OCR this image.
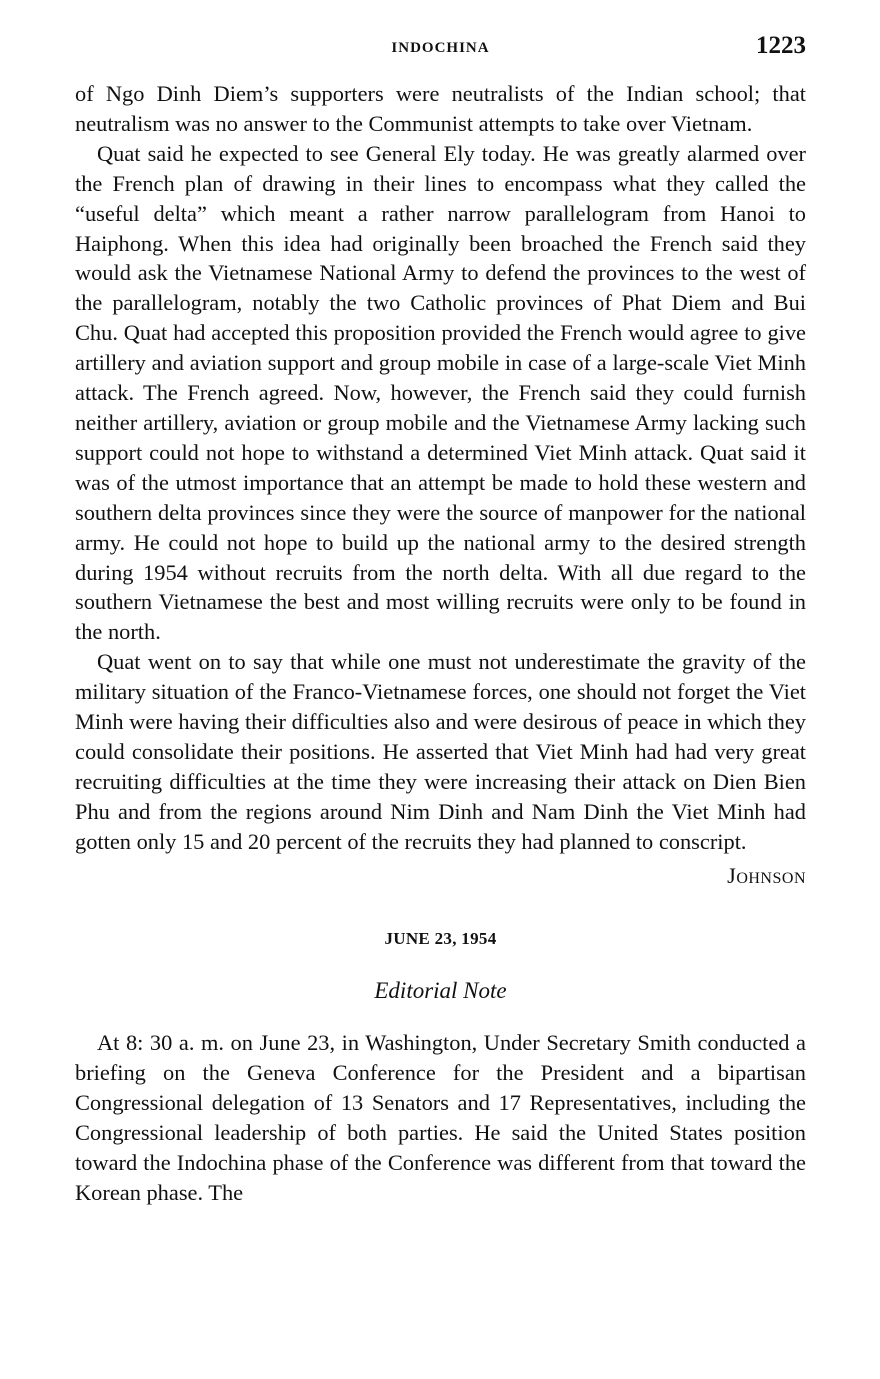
INDOCHINA	1223

of Ngo Dinh Diem’s supporters were neutralists of the Indian school; that neutralism was no answer to the Communist attempts to take over Vietnam.

Quat said he expected to see General Ely today. He was greatly alarmed over the French plan of drawing in their lines to encompass what they called the “useful delta” which meant a rather narrow parallelogram from Hanoi to Haiphong. When this idea had originally been broached the French said they would ask the Vietnamese National Army to defend the provinces to the west of the parallelogram, notably the two Catholic provinces of Phat Diem and Bui Chu. Quat had accepted this proposition provided the French would agree to give artillery and aviation support and group mobile in case of a large-scale Viet Minh attack. The French agreed. Now, however, the French said they could furnish neither artillery, aviation or group mobile and the Vietnamese Army lacking such support could not hope to withstand a determined Viet Minh attack. Quat said it was of the utmost importance that an attempt be made to hold these western and southern delta provinces since they were the source of manpower for the national army. He could not hope to build up the national army to the desired strength during 1954 without recruits from the north delta. With all due regard to the southern Vietnamese the best and most willing recruits were only to be found in the north.

Quat went on to say that while one must not underestimate the gravity of the military situation of the Franco-Vietnamese forces, one should not forget the Viet Minh were having their difficulties also and were desirous of peace in which they could consolidate their positions. He asserted that Viet Minh had had very great recruiting difficulties at the time they were increasing their attack on Dien Bien Phu and from the regions around Nim Dinh and Nam Dinh the Viet Minh had gotten only 15 and 20 percent of the recruits they had planned to conscript.

Johnson
JUNE 23, 1954
Editorial Note

At 8: 30 a. m. on June 23, in Washington, Under Secretary Smith conducted a briefing on the Geneva Conference for the President and a bipartisan Congressional delegation of 13 Senators and 17 Representatives, including the Congressional leadership of both parties. He said the United States position toward the Indochina phase of the Conference was different from that toward the Korean phase. The
